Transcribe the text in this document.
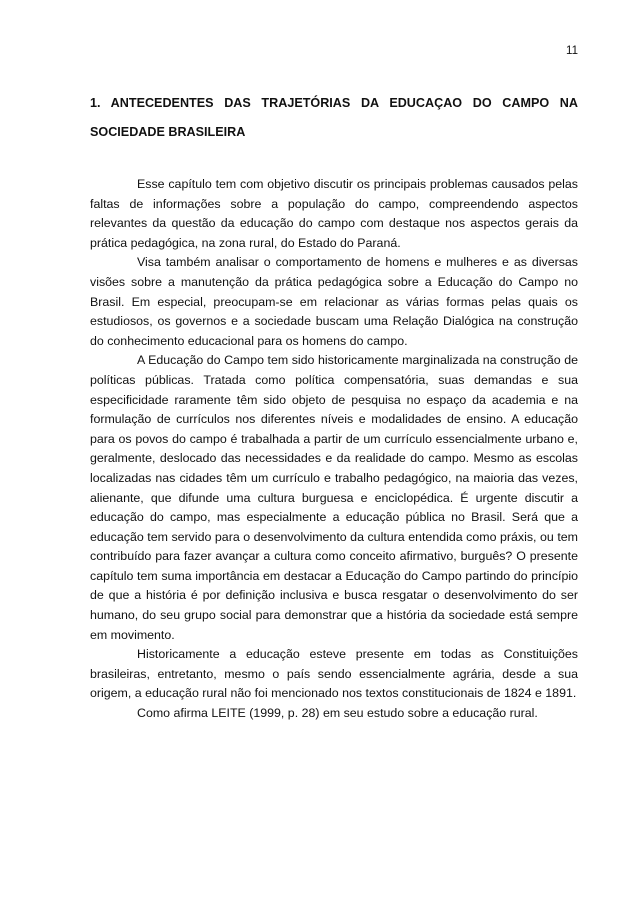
11
1. ANTECEDENTES DAS TRAJETÓRIAS DA EDUCAÇAO DO CAMPO NA SOCIEDADE BRASILEIRA

Esse capítulo tem com objetivo discutir os principais problemas causados pelas faltas de informações sobre a população do campo, compreendendo aspectos relevantes da questão da educação do campo com destaque nos aspectos gerais da prática pedagógica, na zona rural, do Estado do Paraná.

Visa também analisar o comportamento de homens e mulheres e as diversas visões sobre a manutenção da prática pedagógica sobre a Educação do Campo no Brasil. Em especial, preocupam-se em relacionar as várias formas pelas quais os estudiosos, os governos e a sociedade buscam uma Relação Dialógica na construção do conhecimento educacional para os homens do campo.

A Educação do Campo tem sido historicamente marginalizada na construção de políticas públicas. Tratada como política compensatória, suas demandas e sua especificidade raramente têm sido objeto de pesquisa no espaço da academia e na formulação de currículos nos diferentes níveis e modalidades de ensino. A educação para os povos do campo é trabalhada a partir de um currículo essencialmente urbano e, geralmente, deslocado das necessidades e da realidade do campo. Mesmo as escolas localizadas nas cidades têm um currículo e trabalho pedagógico, na maioria das vezes, alienante, que difunde uma cultura burguesa e enciclopédica. É urgente discutir a educação do campo, mas especialmente a educação pública no Brasil. Será que a educação tem servido para o desenvolvimento da cultura entendida como práxis, ou tem contribuído para fazer avançar a cultura como conceito afirmativo, burguês? O presente capítulo tem suma importância em destacar a Educação do Campo partindo do princípio de que a história é por definição inclusiva e busca resgatar o desenvolvimento do ser humano, do seu grupo social para demonstrar que a história da sociedade está sempre em movimento.

Historicamente a educação esteve presente em todas as Constituições brasileiras, entretanto, mesmo o país sendo essencialmente agrária, desde a sua origem, a educação rural não foi mencionado nos textos constitucionais de 1824 e 1891.

Como afirma LEITE (1999, p. 28) em seu estudo sobre a educação rural.
